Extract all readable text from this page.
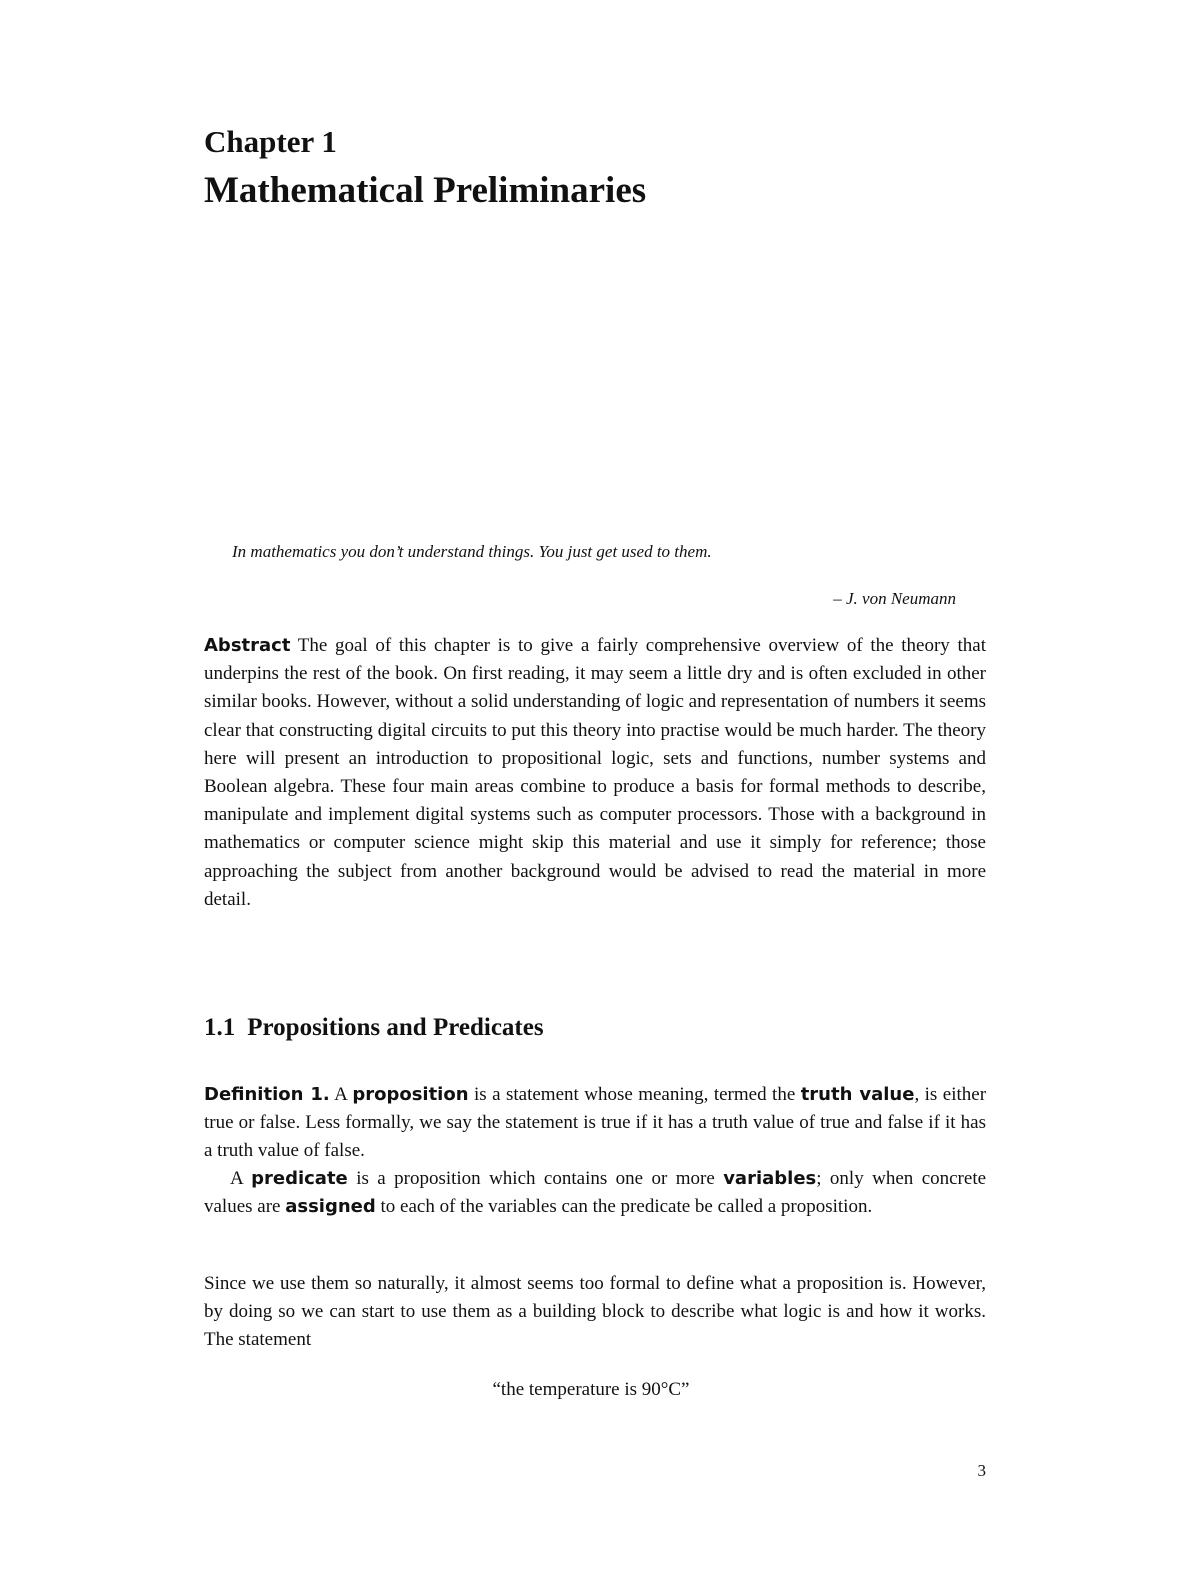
Chapter 1
Mathematical Preliminaries
In mathematics you don’t understand things. You just get used to them.
– J. von Neumann

Abstract The goal of this chapter is to give a fairly comprehensive overview of the theory that underpins the rest of the book. On first reading, it may seem a little dry and is often excluded in other similar books. However, without a solid understanding of logic and representation of numbers it seems clear that constructing digital circuits to put this theory into practise would be much harder. The theory here will present an introduction to propositional logic, sets and functions, number systems and Boolean algebra. These four main areas combine to produce a basis for formal methods to describe, manipulate and implement digital systems such as computer processors. Those with a background in mathematics or computer science might skip this material and use it simply for reference; those approaching the subject from another background would be advised to read the material in more detail.

1.1 Propositions and Predicates

Definition 1. A proposition is a statement whose meaning, termed the truth value, is either true or false. Less formally, we say the statement is true if it has a truth value of true and false if it has a truth value of false.

A predicate is a proposition which contains one or more variables; only when concrete values are assigned to each of the variables can the predicate be called a proposition.

Since we use them so naturally, it almost seems too formal to define what a proposition is. However, by doing so we can start to use them as a building block to describe what logic is and how it works. The statement

“the temperature is 90°C”
3
